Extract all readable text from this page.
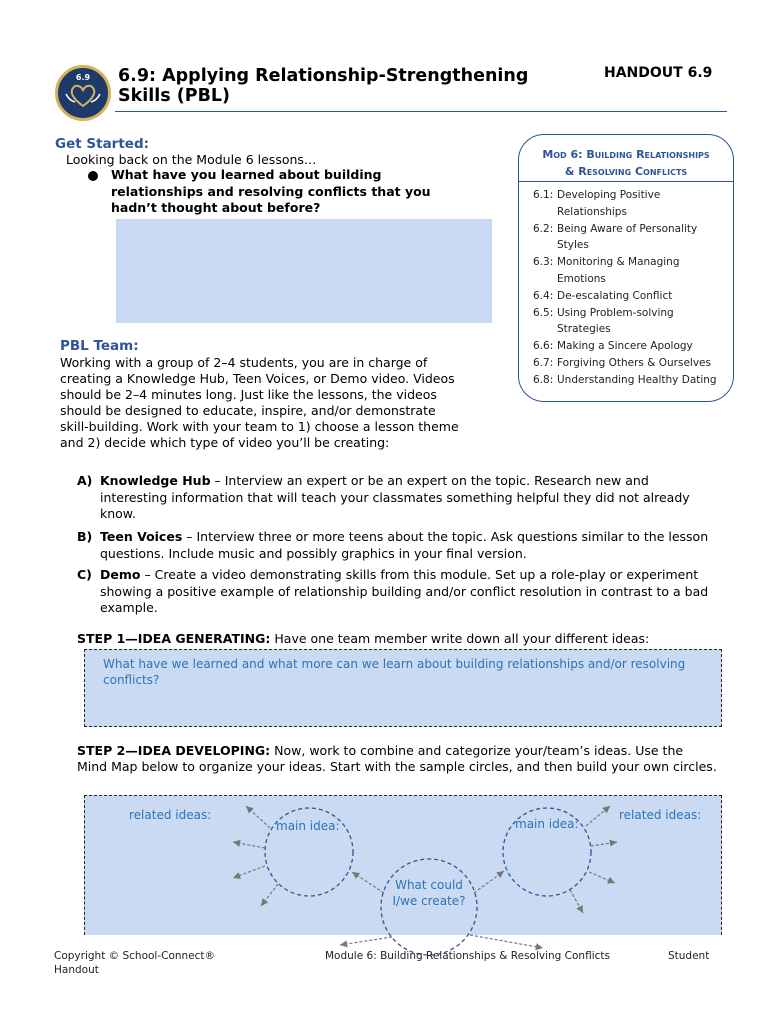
6.9	6.9: Applying Relationship-Strengthening Skills (PBL)
HANDOUT 6.9
Get Started:
Looking back on the Module 6 lessons…
What have you learned about building relationships and resolving conflicts that you hadn’t thought about before?
Mod 6: Building Relationships
& Resolving Conflicts
6.1: Developing Positive Relationships
6.2: Being Aware of Personality Styles
6.3: Monitoring & Managing Emotions
6.4: De-escalating Conflict
6.5: Using Problem-solving Strategies
6.6: Making a Sincere Apology
6.7: Forgiving Others & Ourselves
6.8: Understanding Healthy Dating
PBL Team:
Working with a group of 2–4 students, you are in charge of creating a Knowledge Hub, Teen Voices, or Demo video. Videos should be 2–4 minutes long. Just like the lessons, the videos should be designed to educate, inspire, and/or demonstrate skill-building. Work with your team to 1) choose a lesson theme and 2) decide which type of video you’ll be creating:
A) Knowledge Hub – Interview an expert or be an expert on the topic. Research new and interesting information that will teach your classmates something helpful they did not already know.
B) Teen Voices – Interview three or more teens about the topic. Ask questions similar to the lesson questions. Include music and possibly graphics in your final version.
C) Demo – Create a video demonstrating skills from this module. Set up a role-play or experiment showing a positive example of relationship building and/or conflict resolution in contrast to a bad example.
STEP 1—IDEA GENERATING: Have one team member write down all your different ideas:
What have we learned and what more can we learn about building relationships and/or resolving conflicts?
STEP 2—IDEA DEVELOPING: Now, work to combine and categorize your/team’s ideas. Use the Mind Map below to organize your ideas. Start with the sample circles, and then build your own circles.
related ideas:	related ideas:
main idea:	main idea:
What could
I/we create?
Copyright © School-Connect®
Handout
Module 6: Building Relationships & Resolving Conflicts	Student
